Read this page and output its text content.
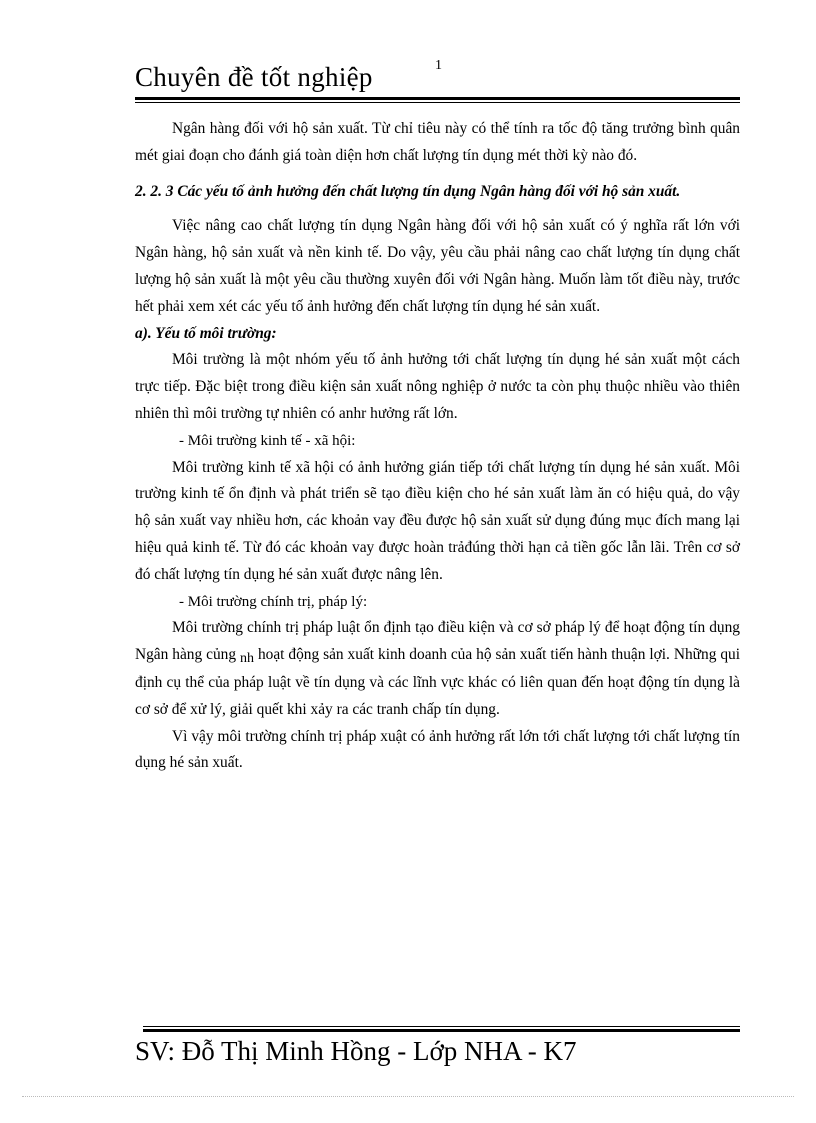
Chuyên đề tốt nghiệp	1

Ngân hàng đối với hộ sản xuất. Từ chỉ tiêu này có thể tính ra tốc độ tăng trưởng bình quân mét giai đoạn cho đánh giá toàn diện hơn chất lượng tín dụng mét thời kỳ nào đó.

2. 2. 3 Các yếu tố ảnh hưởng đến chất lượng tín dụng Ngân hàng đối với hộ sản xuất.

Việc nâng cao chất lượng tín dụng Ngân hàng đối với hộ sản xuất có ý nghĩa rất lớn với Ngân hàng, hộ sản xuất và nền kinh tế. Do vậy, yêu cầu phải nâng cao chất lượng tín dụng chất lượng hộ sản xuất là một yêu cầu thường xuyên đối với Ngân hàng. Muốn làm tốt điều này, trước hết phải xem xét các yếu tố ảnh hưởng đến chất lượng tín dụng hé sản xuất.

a). Yếu tố môi trường:

Môi trường là một nhóm yếu tố ảnh hưởng tới chất lượng tín dụng hé sản xuất một cách trực tiếp. Đặc biệt trong điều kiện sản xuất nông nghiệp ở nước ta còn phụ thuộc nhiều vào thiên nhiên thì môi trường tự nhiên có anhr hưởng rất lớn.

- Môi trường kinh tế - xã hội:

Môi trường kinh tế xã hội có ảnh hưởng gián tiếp tới chất lượng tín dụng hé sản xuất. Môi trường kinh tế ổn định và phát triển sẽ tạo điều kiện cho hé sản xuất làm ăn có hiệu quả, do vậy hộ sản xuất vay nhiều hơn, các khoản vay đều được hộ sản xuất sử dụng đúng mục đích mang lại hiệu quả kinh tế. Từ đó các khoản vay được hoàn trảđúng thời hạn cả tiền gốc lẫn lãi. Trên cơ sở đó chất lượng tín dụng hé sản xuất được nâng lên.

- Môi trường chính trị, pháp lý:

Môi trường chính trị pháp luật ổn định tạo điều kiện và cơ sở pháp lý để hoạt động tín dụng Ngân hàng củng nh hoạt động sản xuất kinh doanh của hộ sản xuất tiến hành thuận lợi. Những qui định cụ thể của pháp luật về tín dụng và các lĩnh vực khác có liên quan đến hoạt động tín dụng là cơ sở để xử lý, giải quết khi xảy ra các tranh chấp tín dụng.

Vì vậy môi trường chính trị pháp xuật có ảnh hưởng rất lớn tới chất lượng tới chất lượng tín dụng hé sản xuất.

SV: Đỗ Thị Minh Hồng - Lớp NHA - K7
